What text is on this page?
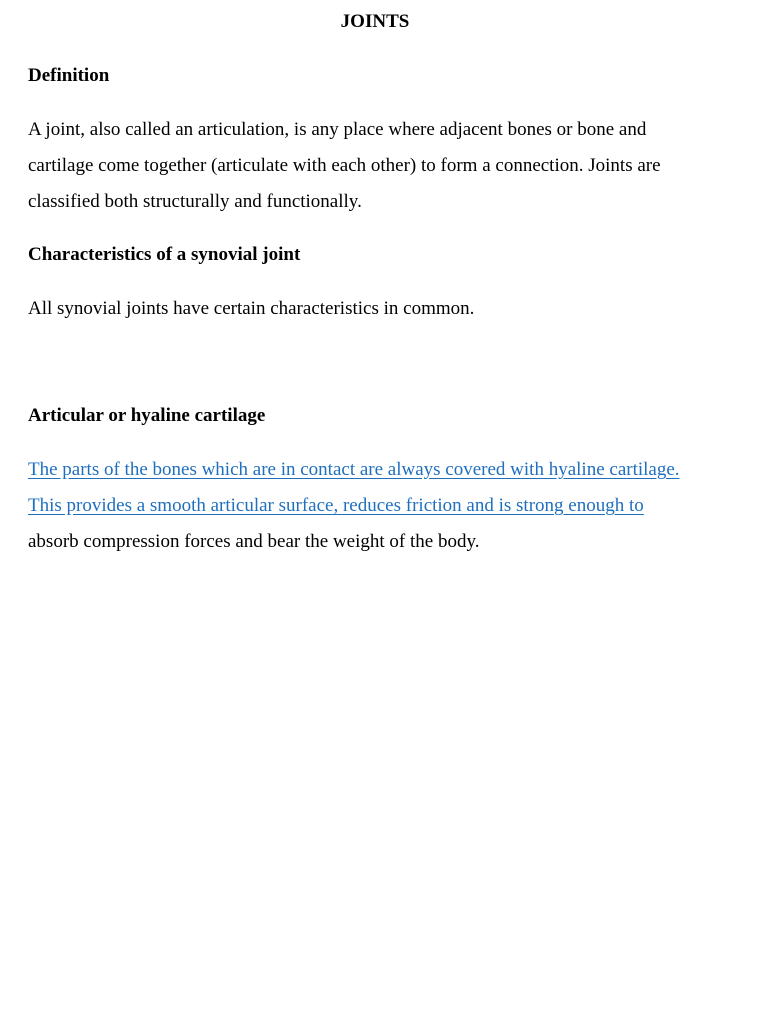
JOINTS
Definition

A joint, also called an articulation, is any place where adjacent bones or bone and
cartilage come together (articulate with each other) to form a connection. Joints are
classified both structurally and functionally.

Characteristics of a synovial joint

All synovial joints have certain characteristics in common.

Articular or hyaline cartilage

The parts of the bones which are in contact are always covered with hyaline cartilage.
This provides a smooth articular surface, reduces friction and is strong enough to
absorb compression forces and bear the weight of the body.
